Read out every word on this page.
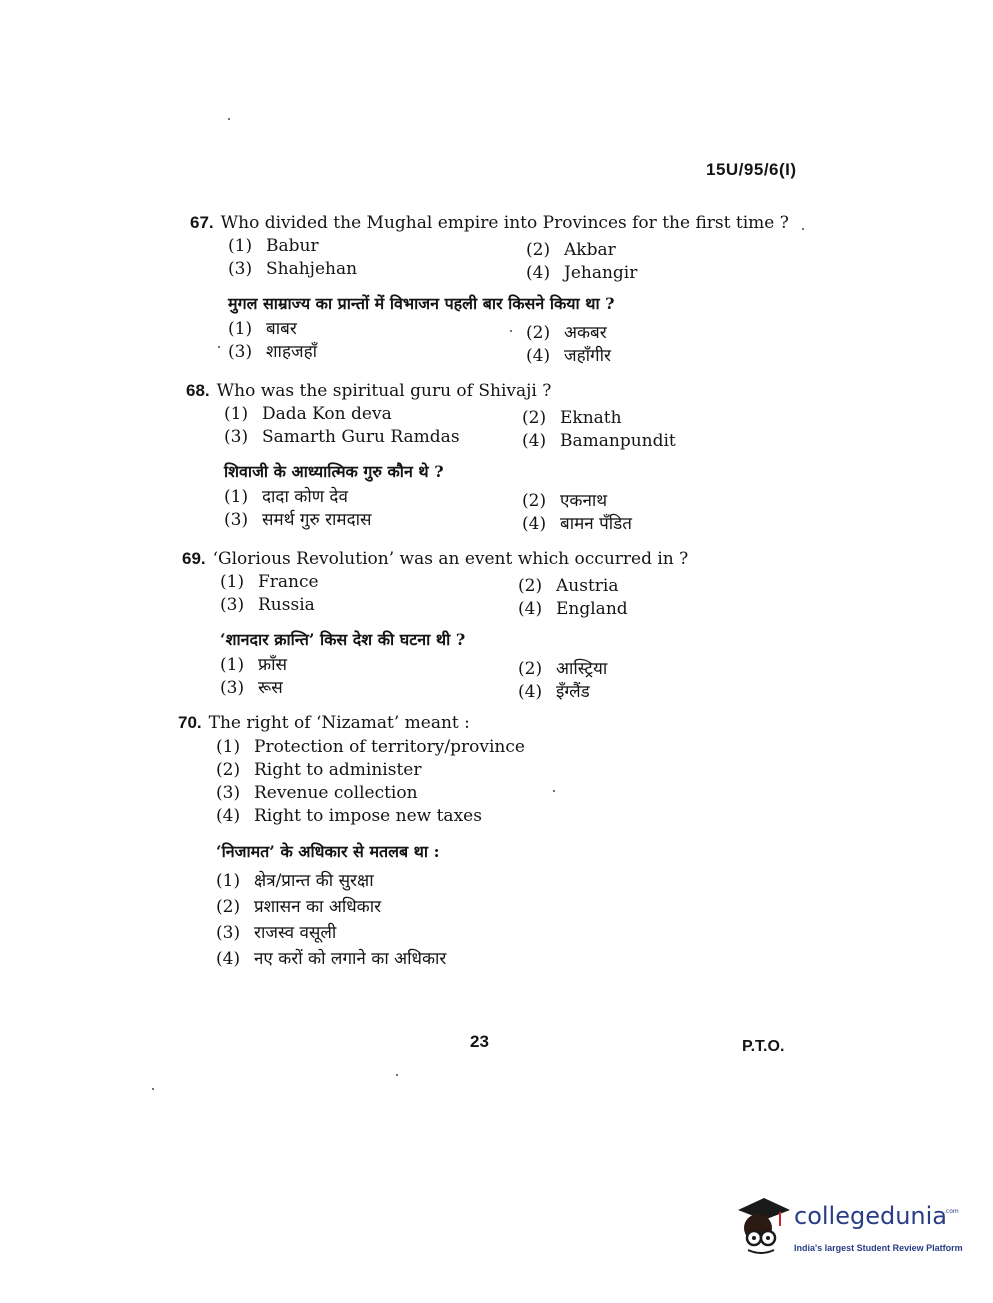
15U/95/6(I)
67. Who divided the Mughal empire into Provinces for the first time ?
(1) Babur	(2) Akbar
(3) Shahjehan	(4) Jehangir
मुगल साम्राज्य का प्रान्तों में विभाजन पहली बार किसने किया था ?
(1) बाबर	(2) अकबर
(3) शाहजहाँ	(4) जहाँगीर
68. Who was the spiritual guru of Shivaji ?
(1) Dada Kon deva	(2) Eknath
(3) Samarth Guru Ramdas	(4) Bamanpundit
शिवाजी के आध्यात्मिक गुरु कौन थे ?
(1) दादा कोण देव	(2) एकनाथ
(3) समर्थ गुरु रामदास	(4) बामन पँडित
69. ‘Glorious Revolution’ was an event which occurred in ?
(1) France	(2) Austria
(3) Russia	(4) England
‘शानदार क्रान्ति’ किस देश की घटना थी ?
(1) फ्राँस	(2) आस्ट्रिया
(3) रूस	(4) इँग्लैंड
70. The right of ‘Nizamat’ meant :
(1) Protection of territory/province
(2) Right to administer
(3) Revenue collection
(4) Right to impose new taxes
‘निजामत’ के अधिकार से मतलब था :
(1) क्षेत्र/प्रान्त की सुरक्षा
(2) प्रशासन का अधिकार
(3) राजस्व वसूली
(4) नए करों को लगाने का अधिकार
23	P.T.O.
collegedunia
.com
India's largest Student Review Platform
